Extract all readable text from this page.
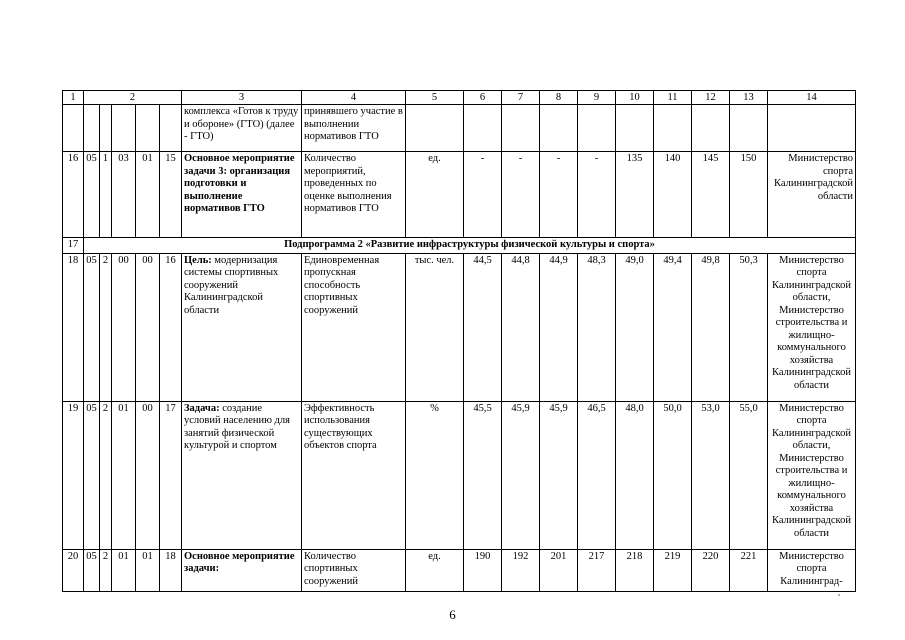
1	2					3	4	5	6	7	8	9	10	11	12	13	14
						комплекса «Готов к труду и обороне» (ГТО) (далее - ГТО)	принявшего участие в выполнении нормативов ГТО										
16	05	1	03	01	15	Основное мероприятие задачи 3: организация подготовки и выполнение нормативов ГТО	Количество мероприятий, проведенных по оценке выполнения нормативов ГТО	ед.	-	-	-	-	135	140	145	150	Министерство спорта Калининградской области
17	Подпрограмма 2 «Развитие инфраструктуры физической культуры и спорта»																
18	05	2	00	00	16	Цель: модернизация системы спортивных сооружений Калининградской области	Единовременная пропускная способность спортивных сооружений	тыс. чел.	44,5	44,8	44,9	48,3	49,0	49,4	49,8	50,3	Министерство спорта Калининградской области, Министерство строительства и жилищно-коммунального хозяйства Калининградской области
19	05	2	01	00	17	Задача: создание условий населению для занятий физической культурой и спортом	Эффективность использования существующих объектов спорта	%	45,5	45,9	45,9	46,5	48,0	50,0	53,0	55,0	Министерство спорта Калининградской области, Министерство строительства и жилищно-коммунального хозяйства Калининградской области
20	05	2	01	01	18	Основное мероприятие задачи:	Количество спортивных сооружений	ед.	190	192	201	217	218	219	220	221	Министерство спорта Калининград-
6
